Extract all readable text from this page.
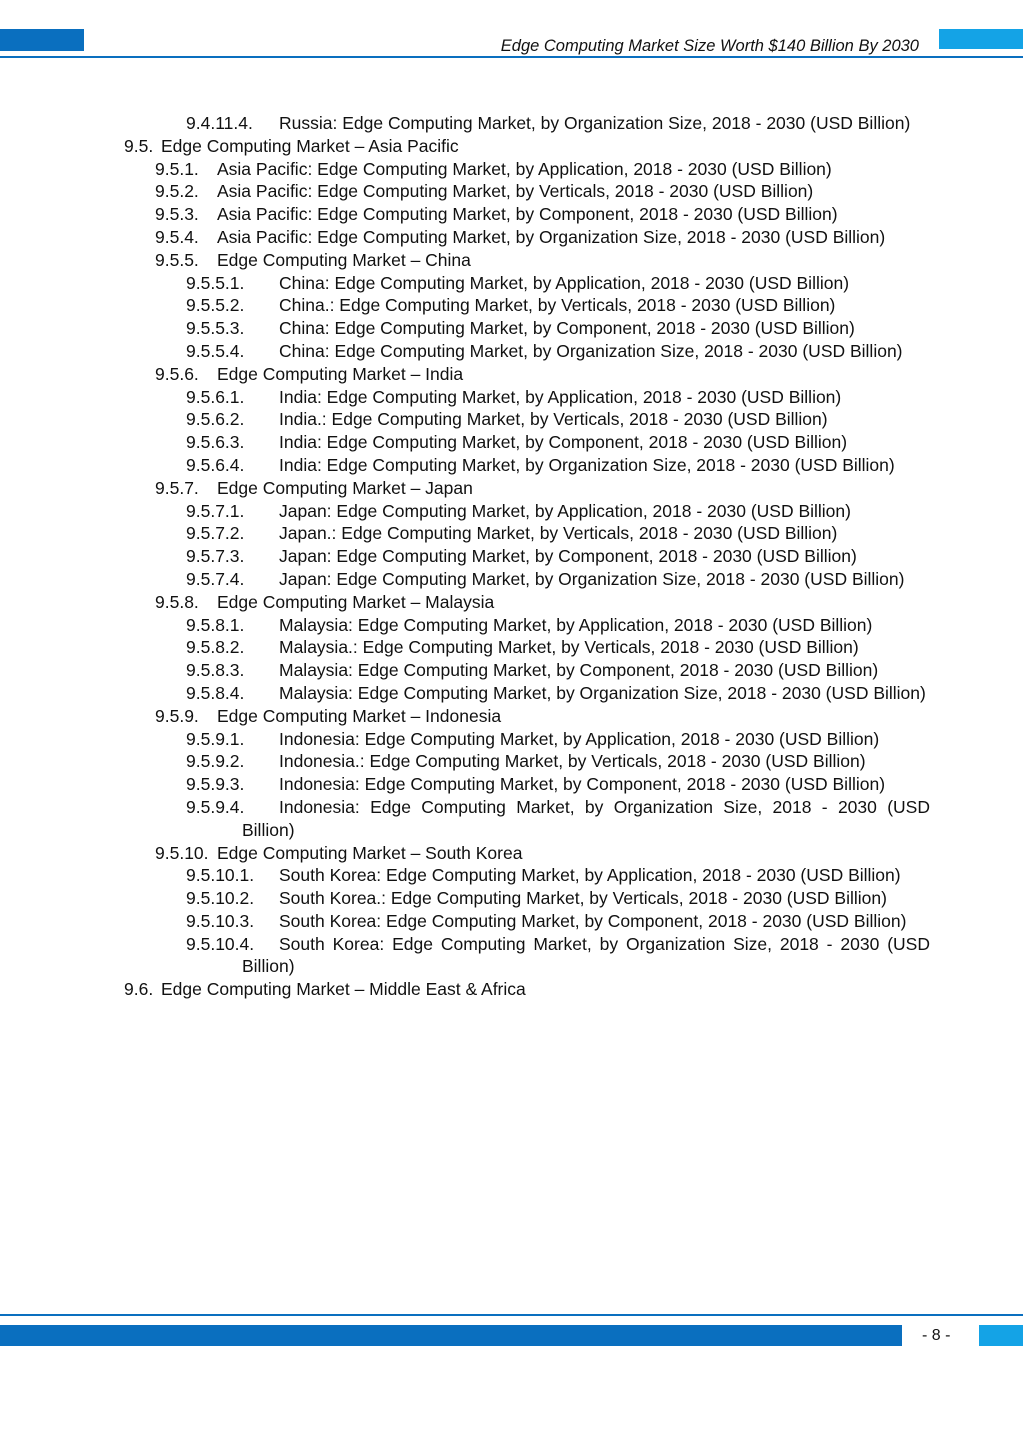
Edge Computing Market Size Worth $140 Billion By 2030
9.4.11.4.	Russia: Edge Computing Market, by Organization Size, 2018 - 2030 (USD Billion)
9.5. Edge Computing Market – Asia Pacific
9.5.1. Asia Pacific: Edge Computing Market, by Application, 2018 - 2030 (USD Billion)
9.5.2. Asia Pacific: Edge Computing Market, by Verticals, 2018 - 2030 (USD Billion)
9.5.3. Asia Pacific: Edge Computing Market, by Component, 2018 - 2030 (USD Billion)
9.5.4.	Asia Pacific: Edge Computing Market, by Organization Size, 2018 - 2030 (USD Billion)
9.5.5. Edge Computing Market – China
9.5.5.1.	China: Edge Computing Market, by Application, 2018 - 2030 (USD Billion)
9.5.5.2.	China.: Edge Computing Market, by Verticals, 2018 - 2030 (USD Billion)
9.5.5.3.	China: Edge Computing Market, by Component, 2018 - 2030 (USD Billion)
9.5.5.4.	China: Edge Computing Market, by Organization Size, 2018 - 2030 (USD Billion)
9.5.6. Edge Computing Market – India
9.5.6.1.	India: Edge Computing Market, by Application, 2018 - 2030 (USD Billion)
9.5.6.2.	India.: Edge Computing Market, by Verticals, 2018 - 2030 (USD Billion)
9.5.6.3.	India: Edge Computing Market, by Component, 2018 - 2030 (USD Billion)
9.5.6.4.	India: Edge Computing Market, by Organization Size, 2018 - 2030 (USD Billion)
9.5.7. Edge Computing Market – Japan
9.5.7.1.	Japan: Edge Computing Market, by Application, 2018 - 2030 (USD Billion)
9.5.7.2.	Japan.: Edge Computing Market, by Verticals, 2018 - 2030 (USD Billion)
9.5.7.3.	Japan: Edge Computing Market, by Component, 2018 - 2030 (USD Billion)
9.5.7.4.	Japan: Edge Computing Market, by Organization Size, 2018 - 2030 (USD Billion)
9.5.8. Edge Computing Market – Malaysia
9.5.8.1.	Malaysia: Edge Computing Market, by Application, 2018 - 2030 (USD Billion)
9.5.8.2.	Malaysia.: Edge Computing Market, by Verticals, 2018 - 2030 (USD Billion)
9.5.8.3.	Malaysia: Edge Computing Market, by Component, 2018 - 2030 (USD Billion)
9.5.8.4.	Malaysia: Edge Computing Market, by Organization Size, 2018 - 2030 (USD Billion)
9.5.9. Edge Computing Market – Indonesia
9.5.9.1.	Indonesia: Edge Computing Market, by Application, 2018 - 2030 (USD Billion)
9.5.9.2.	Indonesia.: Edge Computing Market, by Verticals, 2018 - 2030 (USD Billion)
9.5.9.3.	Indonesia: Edge Computing Market, by Component, 2018 - 2030 (USD Billion)
9.5.9.4.	Indonesia: Edge Computing Market, by Organization Size, 2018 - 2030 (USD Billion)
9.5.10. Edge Computing Market – South Korea
9.5.10.1.	South Korea: Edge Computing Market, by Application, 2018 - 2030 (USD Billion)
9.5.10.2.	South Korea.: Edge Computing Market, by Verticals, 2018 - 2030 (USD Billion)
9.5.10.3.	South Korea: Edge Computing Market, by Component, 2018 - 2030 (USD Billion)
9.5.10.4.	South Korea: Edge Computing Market, by Organization Size, 2018 - 2030 (USD Billion)
9.6. Edge Computing Market – Middle East & Africa
- 8 -
